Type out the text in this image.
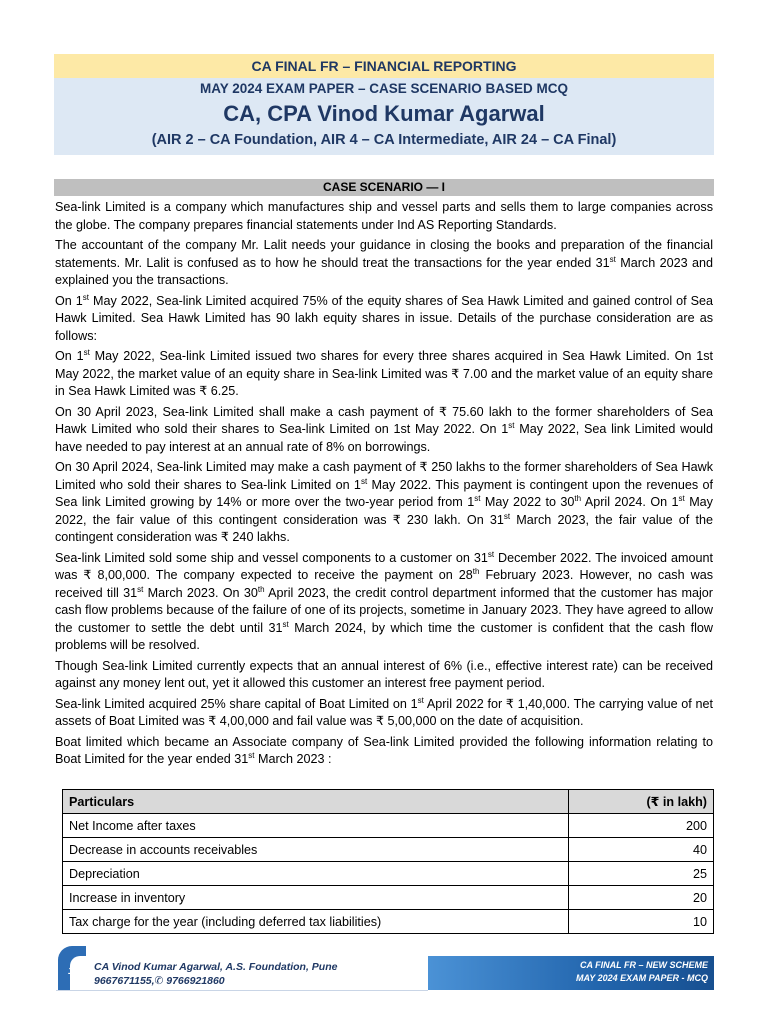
CA FINAL FR – FINANCIAL REPORTING
MAY 2024 EXAM PAPER – CASE SCENARIO BASED MCQ
CA, CPA Vinod Kumar Agarwal
(AIR 2 – CA Foundation, AIR 4 – CA Intermediate, AIR 24 – CA Final)
CASE SCENARIO — I

Sea-link Limited is a company which manufactures ship and vessel parts and sells them to large companies across the globe. The company prepares financial statements under Ind AS Reporting Standards.

The accountant of the company Mr. Lalit needs your guidance in closing the books and preparation of the financial statements. Mr. Lalit is confused as to how he should treat the transactions for the year ended 31st March 2023 and explained you the transactions.

On 1st May 2022, Sea-link Limited acquired 75% of the equity shares of Sea Hawk Limited and gained control of Sea Hawk Limited. Sea Hawk Limited has 90 lakh equity shares in issue. Details of the purchase consideration are as follows:

On 1st May 2022, Sea-link Limited issued two shares for every three shares acquired in Sea Hawk Limited. On 1st May 2022, the market value of an equity share in Sea-link Limited was ₹ 7.00 and the market value of an equity share in Sea Hawk Limited was ₹ 6.25.

On 30 April 2023, Sea-link Limited shall make a cash payment of ₹ 75.60 lakh to the former shareholders of Sea Hawk Limited who sold their shares to Sea-link Limited on 1st May 2022. On 1st May 2022, Sea link Limited would have needed to pay interest at an annual rate of 8% on borrowings.

On 30 April 2024, Sea-link Limited may make a cash payment of ₹ 250 lakhs to the former shareholders of Sea Hawk Limited who sold their shares to Sea-link Limited on 1st May 2022. This payment is contingent upon the revenues of Sea link Limited growing by 14% or more over the two-year period from 1st May 2022 to 30th April 2024. On 1st May 2022, the fair value of this contingent consideration was ₹ 230 lakh. On 31st March 2023, the fair value of the contingent consideration was ₹ 240 lakhs.

Sea-link Limited sold some ship and vessel components to a customer on 31st December 2022. The invoiced amount was ₹ 8,00,000. The company expected to receive the payment on 28th February 2023. However, no cash was received till 31st March 2023. On 30th April 2023, the credit control department informed that the customer has major cash flow problems because of the failure of one of its projects, sometime in January 2023. They have agreed to allow the customer to settle the debt until 31st March 2024, by which time the customer is confident that the cash flow problems will be resolved.

Though Sea-link Limited currently expects that an annual interest of 6% (i.e., effective interest rate) can be received against any money lent out, yet it allowed this customer an interest free payment period.

Sea-link Limited acquired 25% share capital of Boat Limited on 1st April 2022 for ₹ 1,40,000. The carrying value of net assets of Boat Limited was ₹ 4,00,000 and fail value was ₹ 5,00,000 on the date of acquisition.

Boat limited which became an Associate company of Sea-link Limited provided the following information relating to Boat Limited for the year ended 31st March 2023 :

Particulars	(₹ in lakh)
Net Income after taxes	200
Decrease in accounts receivables	40
Depreciation	25
Increase in inventory	20
Tax charge for the year (including deferred tax liabilities)	10
1.1	CA Vinod Kumar Agarwal, A.S. Foundation, Pune
9667671155,✆ 9766921860
CA FINAL FR – NEW SCHEME
MAY 2024 EXAM PAPER - MCQ
